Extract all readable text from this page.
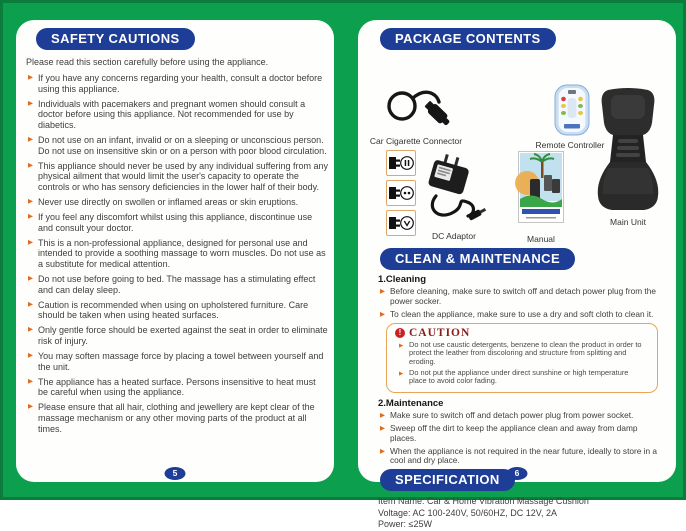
SAFETY CAUTIONS

Please read this section carefully before using the appliance.

▶ If you have any concerns regarding your health, consult a doctor before using this appliance.
▶ Individuals with pacemakers and pregnant women should consult a doctor before using this appliance. Not recommended for use by diabetics.
▶ Do not use on an infant, invalid or on a sleeping or unconscious person. Do not use on insensitive skin or on a person with poor blood circulation.
▶ This appliance should never be used by any individual suffering from any physical ailment that would limit the user's capacity to operate the controls or who has sensory deficiencies in the lower half of their body.
▶ Never use directly on swollen or inflamed areas or skin eruptions.
▶ If you feel any discomfort whilst using this appliance, discontinue use and consult your doctor.
▶ This is a non-professional appliance, designed for personal use and intended to provide a soothing massage to worn muscles. Do not use as a substitute for medical attention.
▶ Do not use before going to bed. The massage has a stimulating effect and can delay sleep.
▶ Caution is recommended when using on upholstered furniture. Care should be taken when using heated surfaces.
▶ Only gentle force should be exerted against the seat in order to eliminate risk of injury.
▶ You may soften massage force by placing a towel between yourself and the unit.
▶ The appliance has a heated surface. Persons insensitive to heat must be careful when using the appliance.
▶ Please ensure that all hair, clothing and jewellery are kept clear of the massage mechanism or any other moving parts of the product at all times.
5
PACKAGE CONTENTS
Car Cigarette Connector	Remote Controller
Main Unit
DC Adaptor	Manual
CLEAN & MAINTENANCE
1.Cleaning
▶ Before cleaning, make sure to switch off and detach power plug from the power socker.
▶ To clean the appliance, make sure to use a dry and soft cloth to clean it.
! CAUTION
▶ Do not use caustic detergents, benzene to clean the product in order to protect the leather from discoloring and structure from splitting and eroding.
▶ Do not put the appliance under direct sunshine or high temperature place to avoid color fading.
2.Maintenance
▶ Make sure to switch off and detach power plug from power socket.
▶ Sweep off the dirt to keep the appliance clean and away from damp places.
▶ When the appliance is not required in the near future, ideally to store in a cool and dry place.
SPECIFICATION
Item Name: Car & Home Vibration Massage Cushion
Voltage: AC 100-240V, 50/60HZ, DC 12V, 2A
Power: ≤25W
6
